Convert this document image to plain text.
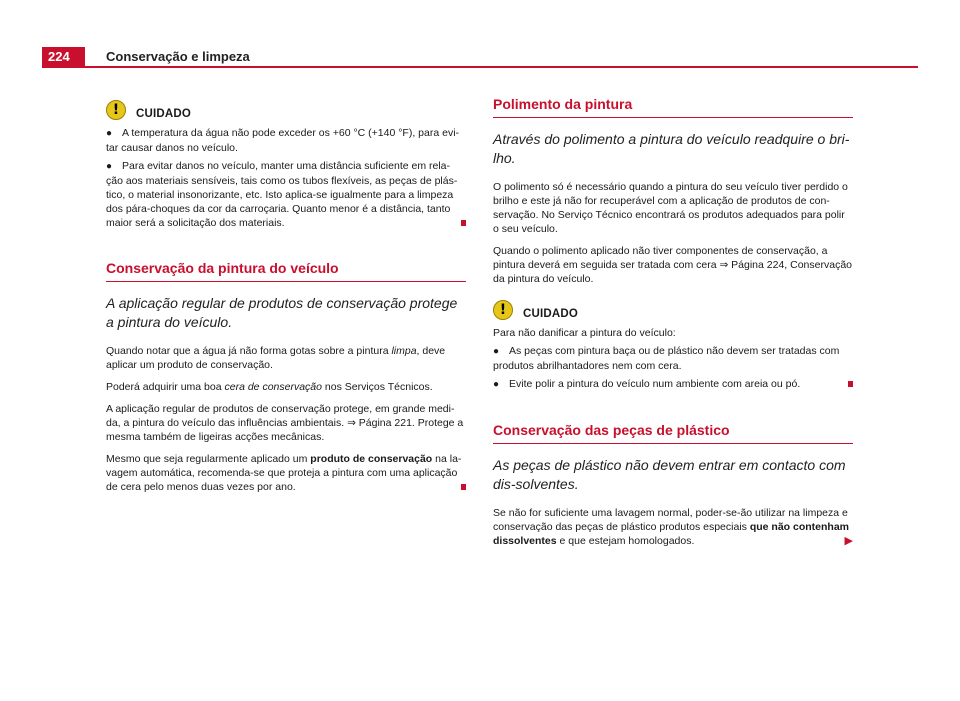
224	Conservação e limpeza
!	CUIDADO
● A temperatura da água não pode exceder os +60 °C (+140 °F), para evi-tar causar danos no veículo.
● Para evitar danos no veículo, manter uma distância suficiente em rela-ção aos materiais sensíveis, tais como os tubos flexíveis, as peças de plás-tico, o material insonorizante, etc. Isto aplica-se igualmente para a limpeza dos pára-choques da cor da carroçaria. Quanto menor é a distância, tanto maior será a solicitação dos materiais.
Conservação da pintura do veículo
A aplicação regular de produtos de conservação protege a pintura do veículo.

Quando notar que a água já não forma gotas sobre a pintura limpa, deve aplicar um produto de conservação.

Poderá adquirir uma boa cera de conservação nos Serviços Técnicos.

A aplicação regular de produtos de conservação protege, em grande medi-da, a pintura do veículo das influências ambientais. ⇒ Página 221. Protege a mesma também de ligeiras acções mecânicas.

Mesmo que seja regularmente aplicado um produto de conservação na la-vagem automática, recomenda-se que proteja a pintura com uma aplicação de cera pelo menos duas vezes por ano.

Polimento da pintura
Através do polimento a pintura do veículo readquire o bri-lho.

O polimento só é necessário quando a pintura do seu veículo tiver perdido o brilho e este já não for recuperável com a aplicação de produtos de con-servação. No Serviço Técnico encontrará os produtos adequados para polir o seu veículo.

Quando o polimento aplicado não tiver componentes de conservação, a pintura deverá em seguida ser tratada com cera ⇒ Página 224, Conservação da pintura do veículo.

!	CUIDADO

Para não danificar a pintura do veículo:

● As peças com pintura baça ou de plástico não devem ser tratadas com produtos abrilhantadores nem com cera.
● Evite polir a pintura do veículo num ambiente com areia ou pó.
Conservação das peças de plástico
As peças de plástico não devem entrar em contacto com dis-solventes.

Se não for suficiente uma lavagem normal, poder-se-ão utilizar na limpeza e conservação das peças de plástico produtos especiais que não contenham dissolventes e que estejam homologados.	▶
